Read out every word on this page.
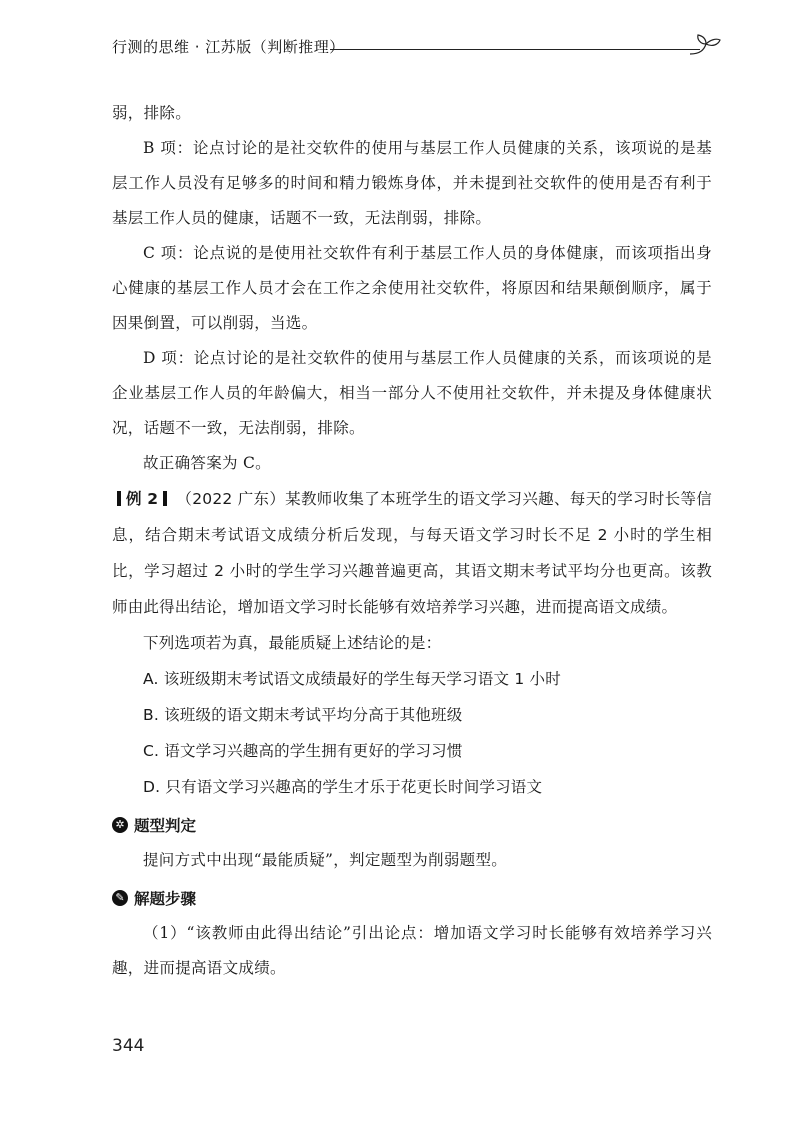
行测的思维 · 江苏版（判断推理）

弱，排除。

B 项：论点讨论的是社交软件的使用与基层工作人员健康的关系，该项说的是基层工作人员没有足够多的时间和精力锻炼身体，并未提到社交软件的使用是否有利于基层工作人员的健康，话题不一致，无法削弱，排除。

C 项：论点说的是使用社交软件有利于基层工作人员的身体健康，而该项指出身心健康的基层工作人员才会在工作之余使用社交软件，将原因和结果颠倒顺序，属于因果倒置，可以削弱，当选。

D 项：论点讨论的是社交软件的使用与基层工作人员健康的关系，而该项说的是企业基层工作人员的年龄偏大，相当一部分人不使用社交软件，并未提及身体健康状况，话题不一致，无法削弱，排除。

故正确答案为 C。

例 2 （2022 广东）某教师收集了本班学生的语文学习兴趣、每天的学习时长等信息，结合期末考试语文成绩分析后发现，与每天语文学习时长不足 2 小时的学生相比，学习超过 2 小时的学生学习兴趣普遍更高，其语文期末考试平均分也更高。该教师由此得出结论，增加语文学习时长能够有效培养学习兴趣，进而提高语文成绩。

下列选项若为真，最能质疑上述结论的是：

A. 该班级期末考试语文成绩最好的学生每天学习语文 1 小时

B. 该班级的语文期末考试平均分高于其他班级

C. 语文学习兴趣高的学生拥有更好的学习习惯

D. 只有语文学习兴趣高的学生才乐于花更长时间学习语文

✲ 题型判定

提问方式中出现“最能质疑”，判定题型为削弱题型。

✎ 解题步骤

（1）“该教师由此得出结论”引出论点：增加语文学习时长能够有效培养学习兴趣，进而提高语文成绩。

344
